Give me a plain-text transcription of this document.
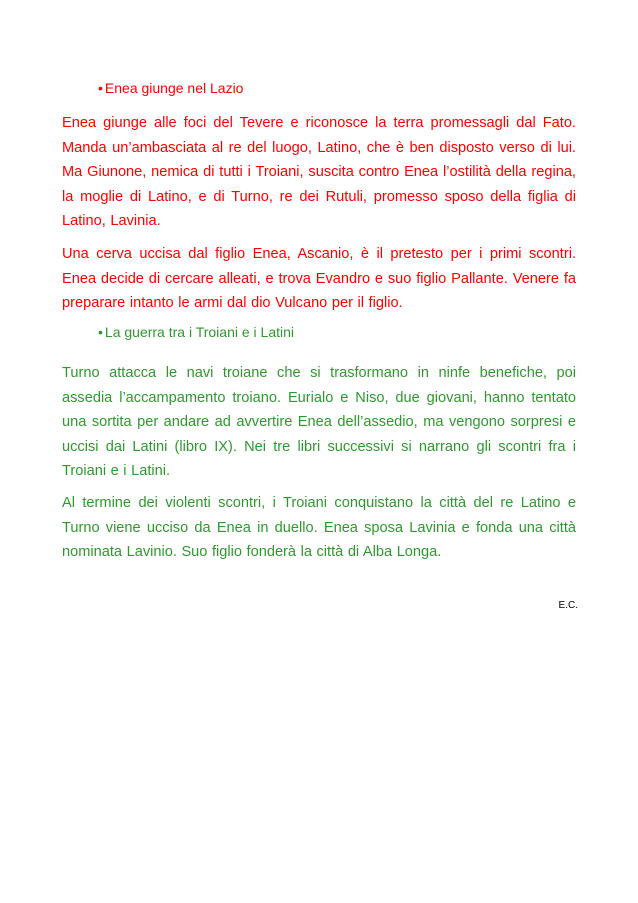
• Enea giunge nel Lazio

Enea giunge alle foci del Tevere e riconosce la terra promessagli dal Fato. Manda un’ambasciata al re del luogo, Latino, che è ben disposto verso di lui. Ma Giunone, nemica di tutti i Troiani, suscita contro Enea l’ostilità della regina, la moglie di Latino, e di Turno, re dei Rutuli, promesso sposo della figlia di Latino, Lavinia.

Una cerva uccisa dal figlio Enea, Ascanio, è il pretesto per i primi scontri. Enea decide di cercare alleati, e trova Evandro e suo figlio Pallante. Venere fa preparare intanto le armi dal dio Vulcano per il figlio.

• La guerra tra i Troiani e i Latini

Turno attacca le navi troiane che si trasformano in ninfe benefiche, poi assedia l’accampamento troiano. Eurialo e Niso, due giovani, hanno tentato una sortita per andare ad avvertire Enea dell’assedio, ma vengono sorpresi e uccisi dai Latini (libro IX). Nei tre libri successivi si narrano gli scontri fra i Troiani e i Latini.

Al termine dei violenti scontri, i Troiani conquistano la città del re Latino e Turno viene ucciso da Enea in duello. Enea sposa Lavinia e fonda una città nominata Lavinio. Suo figlio fonderà la città di Alba Longa.

E.C.
